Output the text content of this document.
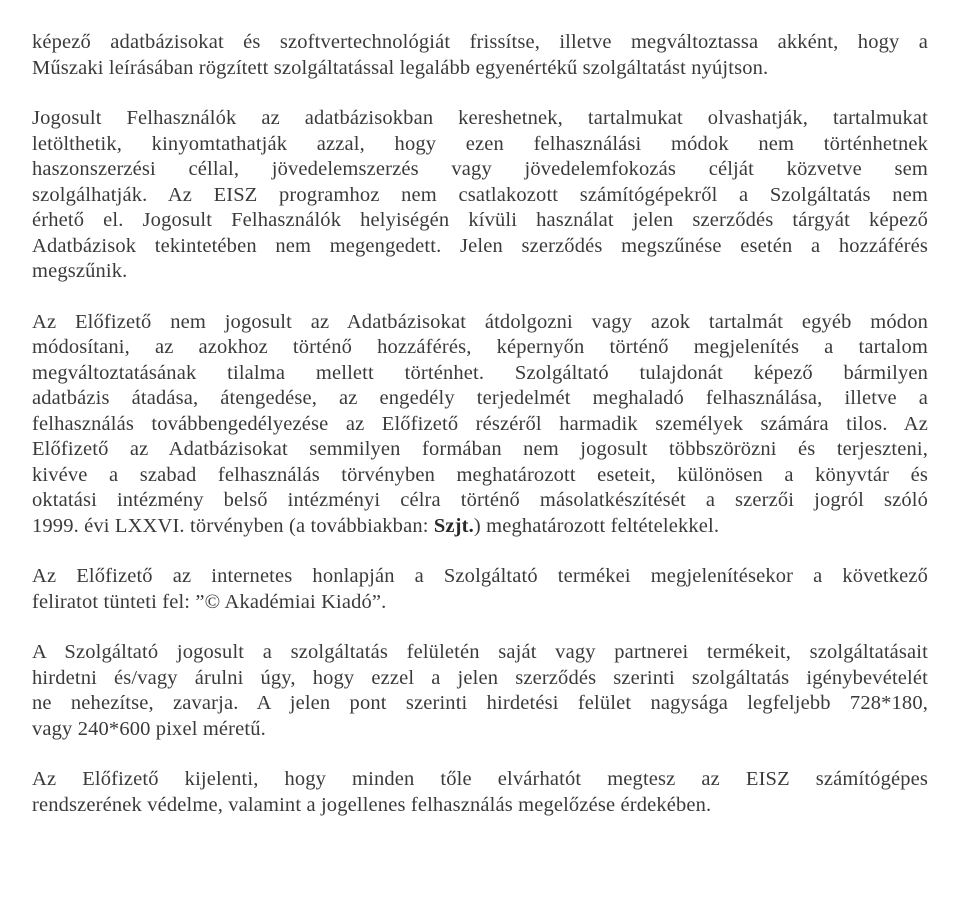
képező adatbázisokat és szoftvertechnológiát frissítse, illetve megváltoztassa akként, hogy a
Műszaki leírásában rögzített szolgáltatással legalább egyenértékű szolgáltatást nyújtson.
Jogosult Felhasználók az adatbázisokban kereshetnek, tartalmukat olvashatják, tartalmukat
letölthetik, kinyomtathatják azzal, hogy ezen felhasználási módok nem történhetnek
haszonszerzési céllal, jövedelemszerzés vagy jövedelemfokozás célját közvetve sem
szolgálhatják. Az EISZ programhoz nem csatlakozott számítógépekről a Szolgáltatás nem
érhető el. Jogosult Felhasználók helyiségén kívüli használat jelen szerződés tárgyát képező
Adatbázisok tekintetében nem megengedett. Jelen szerződés megszűnése esetén a hozzáférés
megszűnik.
Az Előfizető nem jogosult az Adatbázisokat átdolgozni vagy azok tartalmát egyéb módon
módosítani, az azokhoz történő hozzáférés, képernyőn történő megjelenítés a tartalom
megváltoztatásának tilalma mellett történhet. Szolgáltató tulajdonát képező bármilyen
adatbázis átadása, átengedése, az engedély terjedelmét meghaladó felhasználása, illetve a
felhasználás továbbengedélyezése az Előfizető részéről harmadik személyek számára tilos. Az
Előfizető az Adatbázisokat semmilyen formában nem jogosult többszörözni és terjeszteni,
kivéve a szabad felhasználás törvényben meghatározott eseteit, különösen a könyvtár és
oktatási intézmény belső intézményi célra történő másolatkészítését a szerzői jogról szóló
1999. évi LXXVI. törvényben (a továbbiakban: Szjt.) meghatározott feltételekkel.
Az Előfizető az internetes honlapján a Szolgáltató termékei megjelenítésekor a következő
feliratot tünteti fel: ”© Akadémiai Kiadó”.
A Szolgáltató jogosult a szolgáltatás felületén saját vagy partnerei termékeit, szolgáltatásait
hirdetni és/vagy árulni úgy, hogy ezzel a jelen szerződés szerinti szolgáltatás igénybevételét
ne nehezítse, zavarja. A jelen pont szerinti hirdetési felület nagysága legfeljebb 728*180,
vagy 240*600 pixel méretű.
Az Előfizető kijelenti, hogy minden tőle elvárhatót megtesz az EISZ számítógépes
rendszerének védelme, valamint a jogellenes felhasználás megelőzése érdekében.
